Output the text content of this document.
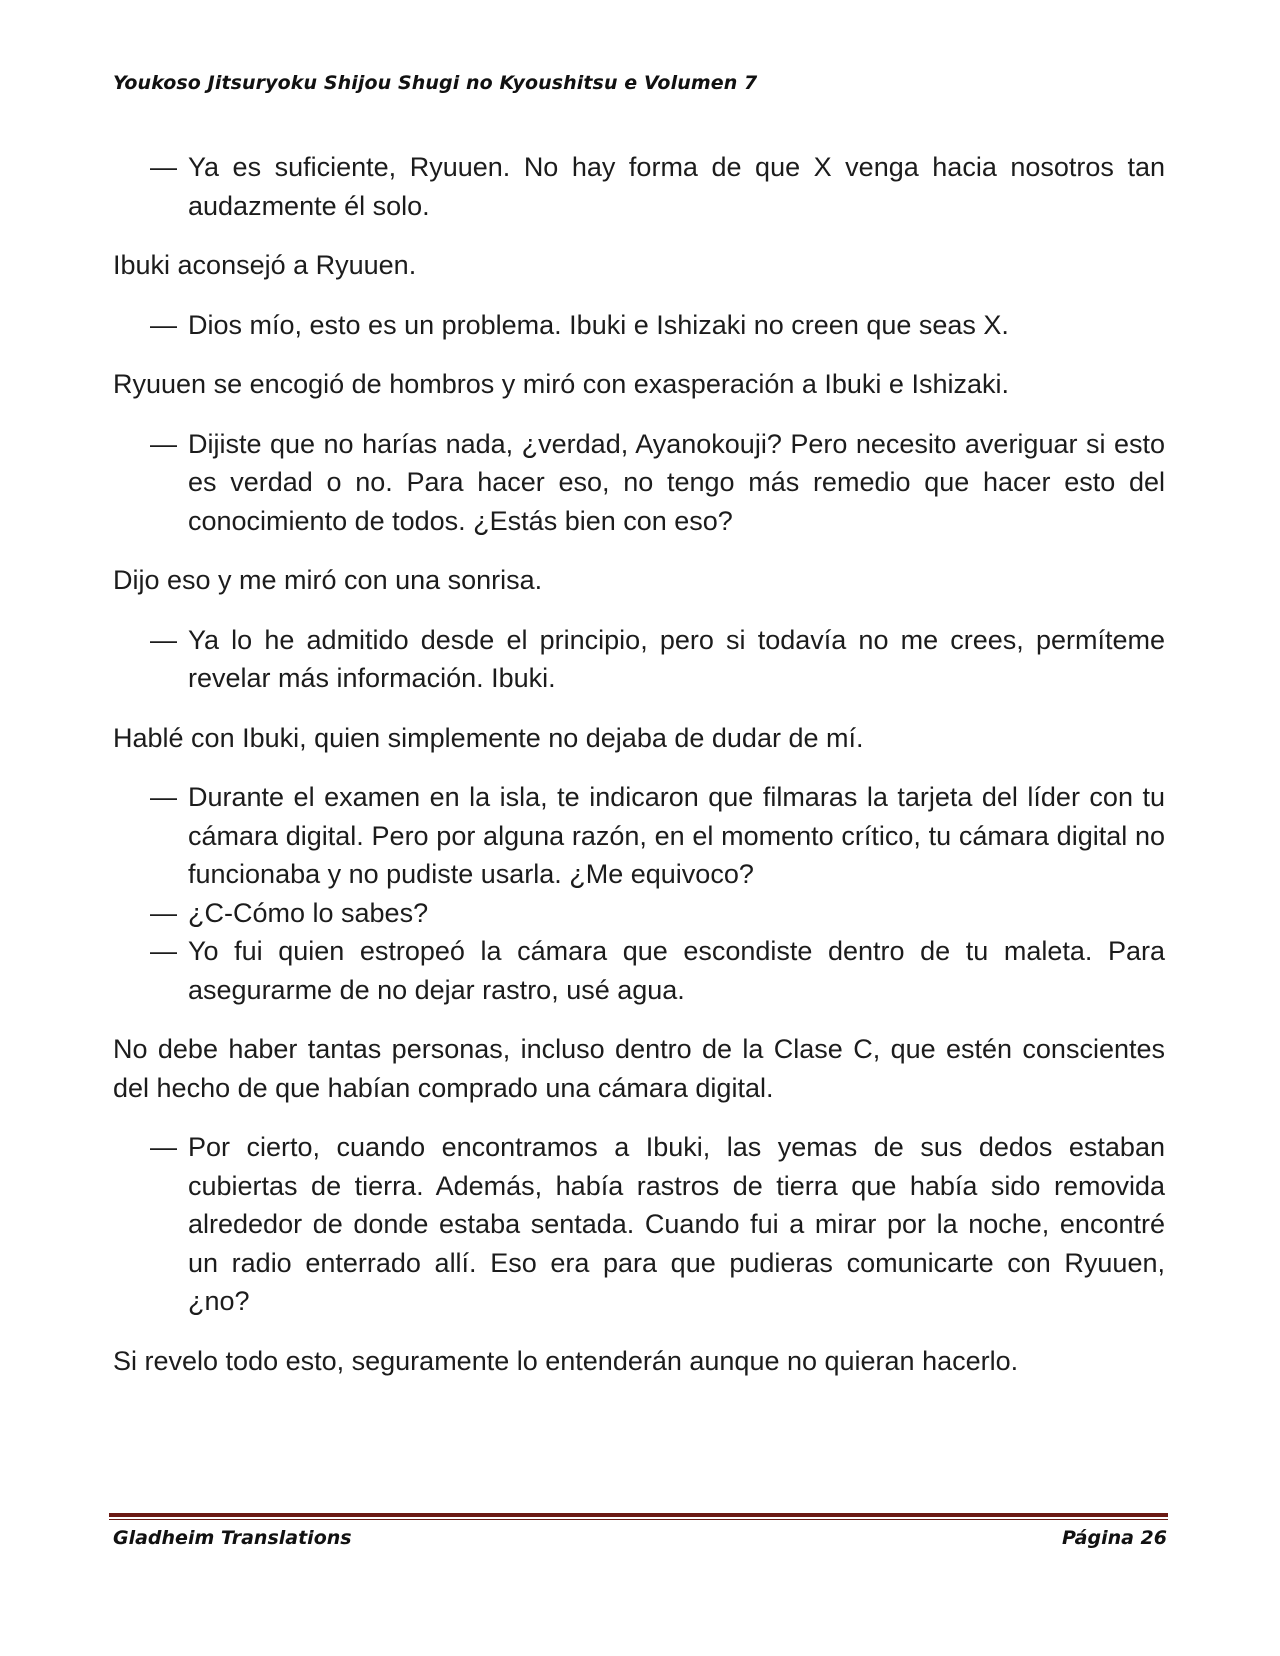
Youkoso Jitsuryoku Shijou Shugi no Kyoushitsu e Volumen 7
— Ya es suficiente, Ryuuen. No hay forma de que X venga hacia nosotros tan audazmente él solo.
Ibuki aconsejó a Ryuuen.
— Dios mío, esto es un problema. Ibuki e Ishizaki no creen que seas X.
Ryuuen se encogió de hombros y miró con exasperación a Ibuki e Ishizaki.
— Dijiste que no harías nada, ¿verdad, Ayanokouji? Pero necesito averiguar si esto es verdad o no. Para hacer eso, no tengo más remedio que hacer esto del conocimiento de todos. ¿Estás bien con eso?
Dijo eso y me miró con una sonrisa.
— Ya lo he admitido desde el principio, pero si todavía no me crees, permíteme revelar más información. Ibuki.
Hablé con Ibuki, quien simplemente no dejaba de dudar de mí.
— Durante el examen en la isla, te indicaron que filmaras la tarjeta del líder con tu cámara digital. Pero por alguna razón, en el momento crítico, tu cámara digital no funcionaba y no pudiste usarla. ¿Me equivoco?
— ¿C-Cómo lo sabes?
— Yo fui quien estropeó la cámara que escondiste dentro de tu maleta. Para asegurarme de no dejar rastro, usé agua.
No debe haber tantas personas, incluso dentro de la Clase C, que estén conscientes del hecho de que habían comprado una cámara digital.
— Por cierto, cuando encontramos a Ibuki, las yemas de sus dedos estaban cubiertas de tierra. Además, había rastros de tierra que había sido removida alrededor de donde estaba sentada. Cuando fui a mirar por la noche, encontré un radio enterrado allí. Eso era para que pudieras comunicarte con Ryuuen, ¿no?
Si revelo todo esto, seguramente lo entenderán aunque no quieran hacerlo.
Gladheim Translations	Página 26
